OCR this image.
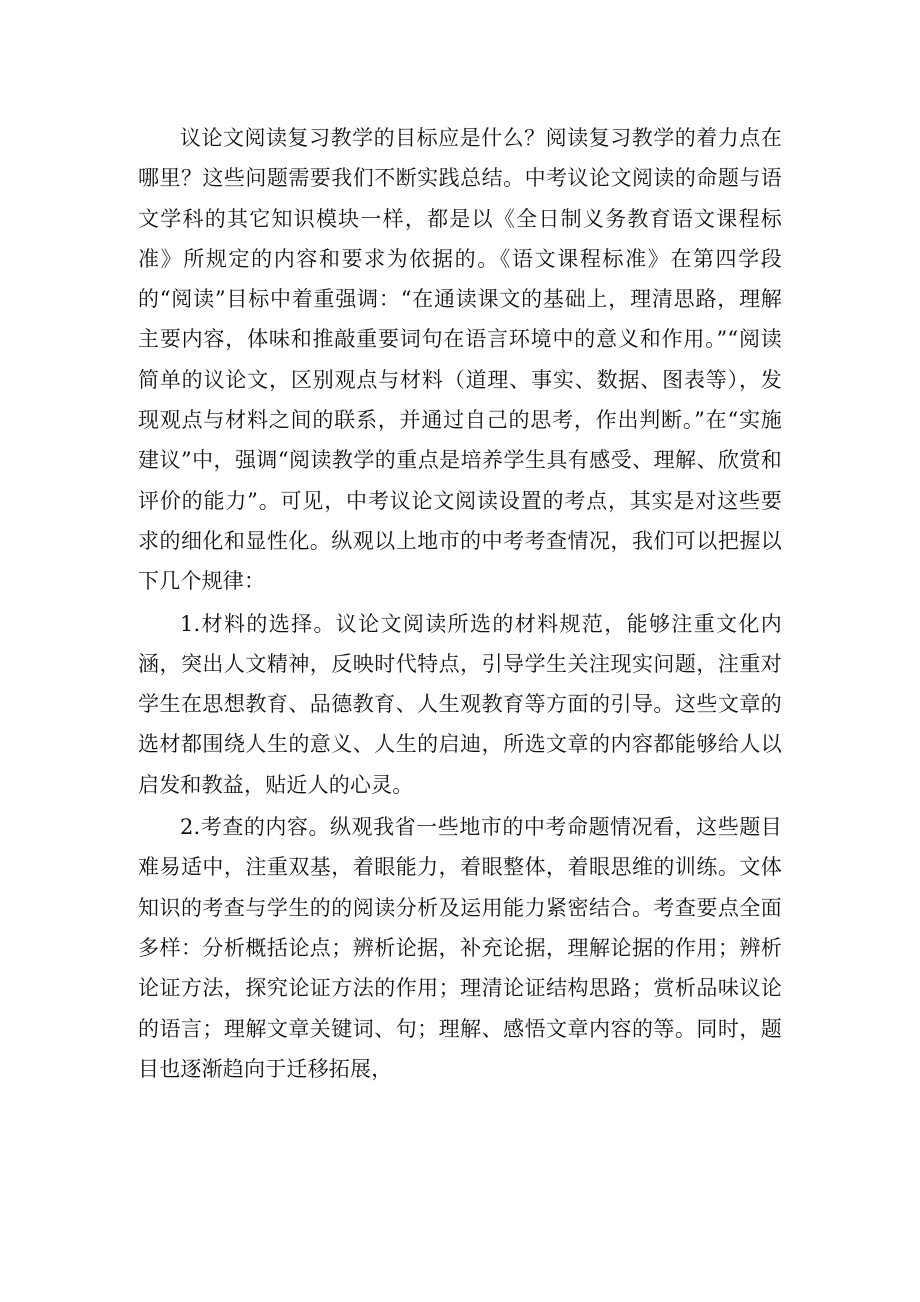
议论文阅读复习教学的目标应是什么？阅读复习教学的着力点在哪里？这些问题需要我们不断实践总结。中考议论文阅读的命题与语文学科的其它知识模块一样，都是以《全日制义务教育语文课程标准》所规定的内容和要求为依据的。《语文课程标准》在第四学段的“阅读”目标中着重强调：“在通读课文的基础上，理清思路，理解主要内容，体味和推敲重要词句在语言环境中的意义和作用。”“阅读简单的议论文，区别观点与材料（道理、事实、数据、图表等），发现观点与材料之间的联系，并通过自己的思考，作出判断。”在“实施建议”中，强调“阅读教学的重点是培养学生具有感受、理解、欣赏和评价的能力”。可见，中考议论文阅读设置的考点，其实是对这些要求的细化和显性化。纵观以上地市的中考考查情况，我们可以把握以下几个规律：

1.材料的选择。议论文阅读所选的材料规范，能够注重文化内涵，突出人文精神，反映时代特点，引导学生关注现实问题，注重对学生在思想教育、品德教育、人生观教育等方面的引导。这些文章的选材都围绕人生的意义、人生的启迪，所选文章的内容都能够给人以启发和教益，贴近人的心灵。

2.考查的内容。纵观我省一些地市的中考命题情况看，这些题目难易适中，注重双基，着眼能力，着眼整体，着眼思维的训练。文体知识的考查与学生的的阅读分析及运用能力紧密结合。考查要点全面多样：分析概括论点；辨析论据，补充论据，理解论据的作用；辨析论证方法，探究论证方法的作用；理清论证结构思路；赏析品味议论的语言；理解文章关键词、句；理解、感悟文章内容的等。同时，题目也逐渐趋向于迁移拓展，
